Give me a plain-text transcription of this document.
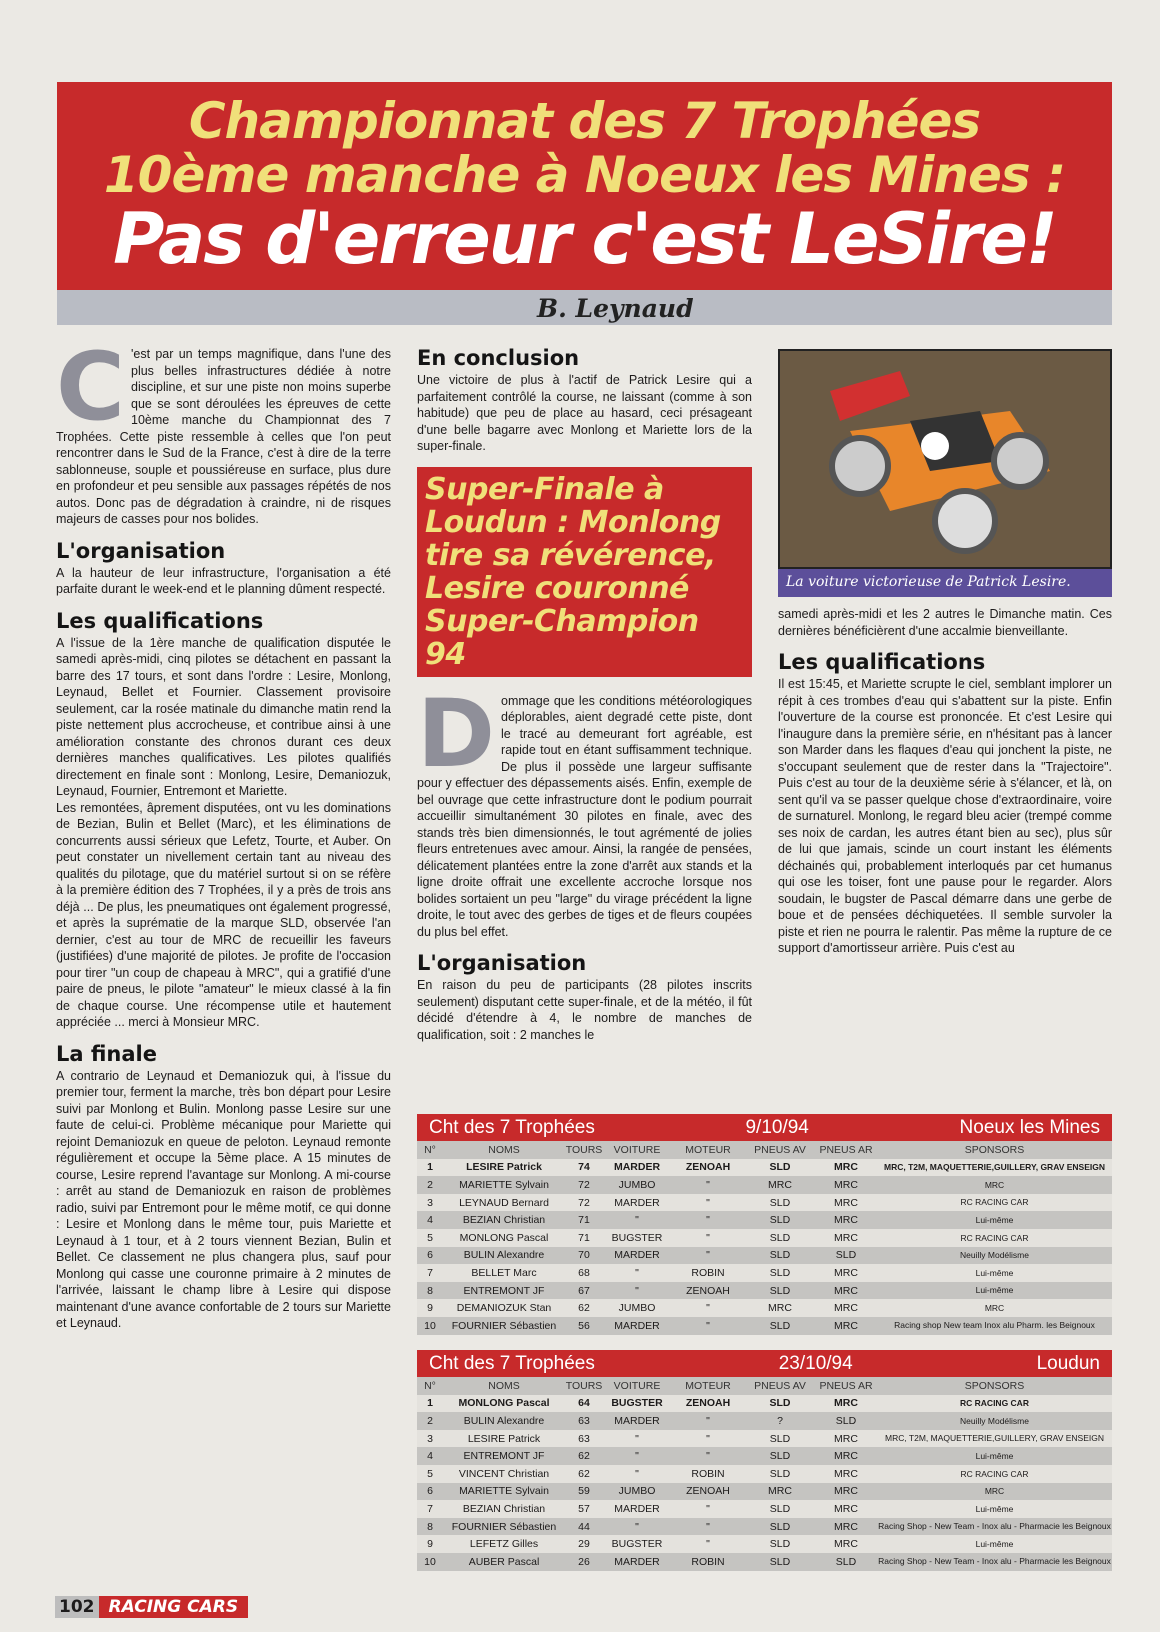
Championnat des 7 Trophées
10ème manche à Noeux les Mines :
Pas d'erreur c'est LeSire!
B. Leynaud
C 'est par un temps magnifique, dans l'une des plus belles infrastructures dédiée à notre discipline, et sur une piste non moins superbe que se sont déroulées les épreuves de cette 10ème manche du Championnat des 7 Trophées. Cette piste ressemble à celles que l'on peut rencontrer dans le Sud de la France, c'est à dire de la terre sablonneuse, souple et poussiéreuse en surface, plus dure en profondeur et peu sensible aux passages répétés de nos autos. Donc pas de dégradation à craindre, ni de risques majeurs de casses pour nos bolides.

L'organisation

A la hauteur de leur infrastructure, l'organisation a été parfaite durant le week-end et le planning dûment respecté.

Les qualifications

A l'issue de la 1ère manche de qualification disputée le samedi après-midi, cinq pilotes se détachent en passant la barre des 17 tours, et sont dans l'ordre : Lesire, Monlong, Leynaud, Bellet et Fournier. Classement provisoire seulement, car la rosée matinale du dimanche matin rend la piste nettement plus accrocheuse, et contribue ainsi à une amélioration constante des chronos durant ces deux dernières manches qualificatives. Les pilotes qualifiés directement en finale sont : Monlong, Lesire, Demaniozuk, Leynaud, Fournier, Entremont et Mariette.

Les remontées, âprement disputées, ont vu les dominations de Bezian, Bulin et Bellet (Marc), et les éliminations de concurrents aussi sérieux que Lefetz, Tourte, et Auber. On peut constater un nivellement certain tant au niveau des qualités du pilotage, que du matériel surtout si on se réfère à la première édition des 7 Trophées, il y a près de trois ans déjà ... De plus, les pneumatiques ont également progressé, et après la suprématie de la marque SLD, observée l'an dernier, c'est au tour de MRC de recueillir les faveurs (justifiées) d'une majorité de pilotes. Je profite de l'occasion pour tirer "un coup de chapeau à MRC", qui a gratifié d'une paire de pneus, le pilote "amateur" le mieux classé à la fin de chaque course. Une récompense utile et hautement appréciée ... merci à Monsieur MRC.

La finale

A contrario de Leynaud et Demaniozuk qui, à l'issue du premier tour, ferment la marche, très bon départ pour Lesire suivi par Monlong et Bulin. Monlong passe Lesire sur une faute de celui-ci. Problème mécanique pour Mariette qui rejoint Demaniozuk en queue de peloton. Leynaud remonte régulièrement et occupe la 5ème place. A 15 minutes de course, Lesire reprend l'avantage sur Monlong. A mi-course : arrêt au stand de Demaniozuk en raison de problèmes radio, suivi par Entremont pour le même motif, ce qui donne : Lesire et Monlong dans le même tour, puis Mariette et Leynaud à 1 tour, et à 2 tours viennent Bezian, Bulin et Bellet. Ce classement ne plus changera plus, sauf pour Monlong qui casse une couronne primaire à 2 minutes de l'arrivée, laissant le champ libre à Lesire qui dispose maintenant d'une avance confortable de 2 tours sur Mariette et Leynaud.

En conclusion

Une victoire de plus à l'actif de Patrick Lesire qui a parfaitement contrôlé la course, ne laissant (comme à son habitude) que peu de place au hasard, ceci présageant d'une belle bagarre avec Monlong et Mariette lors de la super-finale.

Super-Finale à Loudun : Monlong tire sa révérence, Lesire couronné Super-Champion 94
D ommage que les conditions météorologiques déplorables, aient degradé cette piste, dont le tracé au demeurant fort agréable, est rapide tout en étant suffisamment technique. De plus il possède une largeur suffisante pour y effectuer des dépassements aisés. Enfin, exemple de bel ouvrage que cette infrastructure dont le podium pourrait accueillir simultanément 30 pilotes en finale, avec des stands très bien dimensionnés, le tout agrémenté de jolies fleurs entretenues avec amour. Ainsi, la rangée de pensées, délicatement plantées entre la zone d'arrêt aux stands et la ligne droite offrait une excellente accroche lorsque nos bolides sortaient un peu "large" du virage précédent la ligne droite, le tout avec des gerbes de tiges et de fleurs coupées du plus bel effet.

L'organisation

En raison du peu de participants (28 pilotes inscrits seulement) disputant cette super-finale, et de la météo, il fût décidé d'étendre à 4, le nombre de manches de qualification, soit : 2 manches le

La voiture victorieuse de Patrick Lesire.

samedi après-midi et les 2 autres le Dimanche matin. Ces dernières bénéficièrent d'une accalmie bienveillante.

Les qualifications

Il est 15:45, et Mariette scrupte le ciel, semblant implorer un répit à ces trombes d'eau qui s'abattent sur la piste. Enfin l'ouverture de la course est prononcée. Et c'est Lesire qui l'inaugure dans la première série, en n'hésitant pas à lancer son Marder dans les flaques d'eau qui jonchent la piste, ne s'occupant seulement que de rester dans la "Trajectoire". Puis c'est au tour de la deuxième série à s'élancer, et là, on sent qu'il va se passer quelque chose d'extraordinaire, voire de surnaturel. Monlong, le regard bleu acier (trempé comme ses noix de cardan, les autres étant bien au sec), plus sûr de lui que jamais, scinde un court instant les éléments déchainés qui, probablement interloqués par cet humanus qui ose les toiser, font une pause pour le regarder. Alors soudain, le bugster de Pascal démarre dans une gerbe de boue et de pensées déchiquetées. Il semble survoler la piste et rien ne pourra le ralentir. Pas même la rupture de ce support d'amortisseur arrière. Puis c'est au

Cht des 7 Trophées	9/10/94	Noeux les Mines
N°	NOMS	TOURS	VOITURE	MOTEUR	PNEUS AV	PNEUS AR	SPONSORS
1	LESIRE Patrick	74	MARDER	ZENOAH	SLD	MRC	MRC, T2M, MAQUETTERIE,GUILLERY, GRAV ENSEIGN
2	MARIETTE Sylvain	72	JUMBO	"	MRC	MRC	MRC
3	LEYNAUD Bernard	72	MARDER	"	SLD	MRC	RC RACING CAR
4	BEZIAN Christian	71	"	"	SLD	MRC	Lui-même
5	MONLONG Pascal	71	BUGSTER	"	SLD	MRC	RC RACING CAR
6	BULIN Alexandre	70	MARDER	"	SLD	SLD	Neuilly Modélisme
7	BELLET Marc	68	"	ROBIN	SLD	MRC	Lui-même
8	ENTREMONT JF	67	"	ZENOAH	SLD	MRC	Lui-même
9	DEMANIOZUK Stan	62	JUMBO	"	MRC	MRC	MRC
10	FOURNIER Sébastien	56	MARDER	"	SLD	MRC	Racing shop New team Inox alu Pharm. les Beignoux
Cht des 7 Trophées	23/10/94	Loudun
N°	NOMS	TOURS	VOITURE	MOTEUR	PNEUS AV	PNEUS AR	SPONSORS
1	MONLONG Pascal	64	BUGSTER	ZENOAH	SLD	MRC	RC RACING CAR
2	BULIN Alexandre	63	MARDER	"	?	SLD	Neuilly Modélisme
3	LESIRE Patrick	63	"	"	SLD	MRC	MRC, T2M, MAQUETTERIE,GUILLERY, GRAV ENSEIGN
4	ENTREMONT JF	62	"	"	SLD	MRC	Lui-même
5	VINCENT Christian	62	"	ROBIN	SLD	MRC	RC RACING CAR
6	MARIETTE Sylvain	59	JUMBO	ZENOAH	MRC	MRC	MRC
7	BEZIAN Christian	57	MARDER	"	SLD	MRC	Lui-même
8	FOURNIER Sébastien	44	"	"	SLD	MRC	Racing Shop - New Team - Inox alu - Pharmacie les Beignoux
9	LEFETZ Gilles	29	BUGSTER	"	SLD	MRC	Lui-même
10	AUBER Pascal	26	MARDER	ROBIN	SLD	SLD	Racing Shop - New Team - Inox alu - Pharmacie les Beignoux
102 RACING CARS
